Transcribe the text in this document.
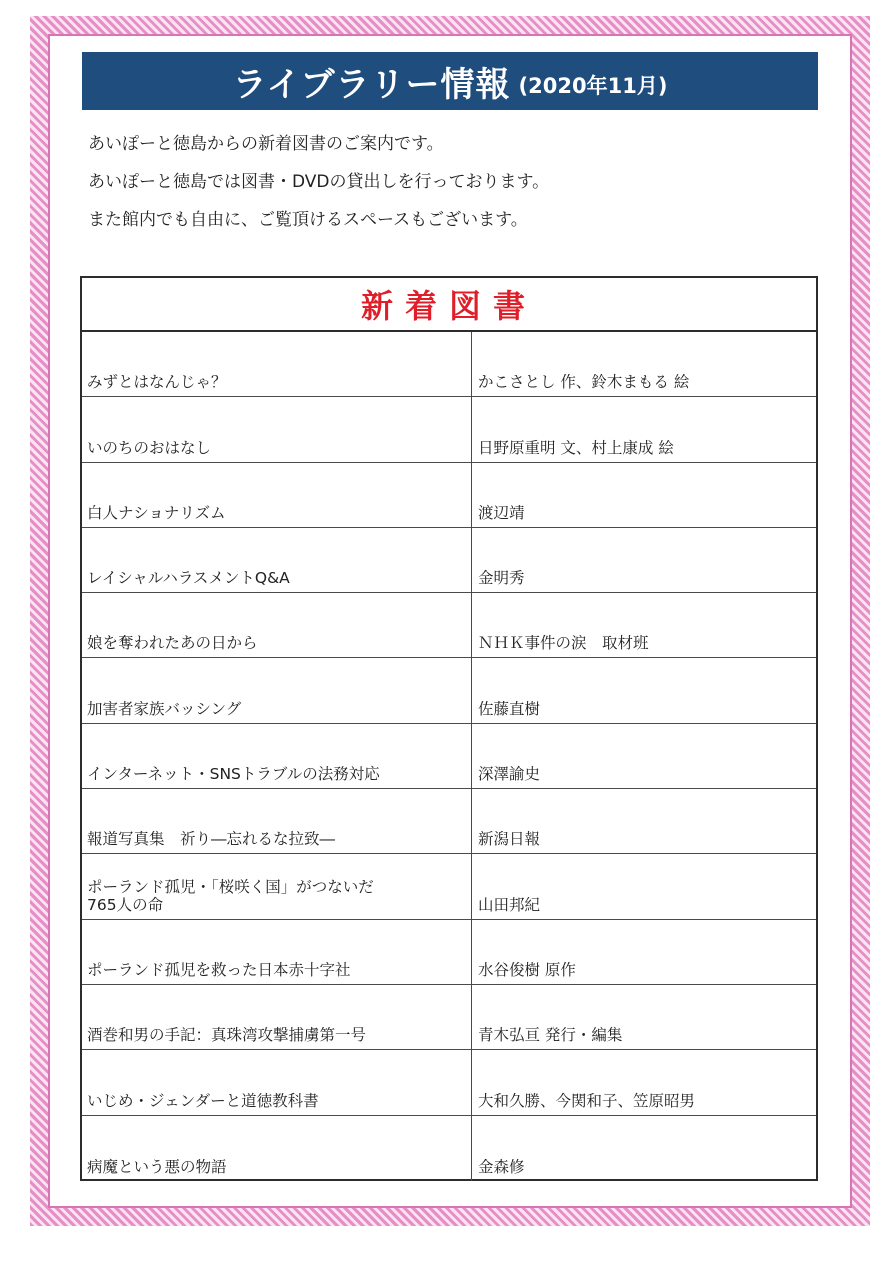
ライブラリー情報 (2020年11月)
あいぽーと徳島からの新着図書のご案内です。
あいぽーと徳島では図書・DVDの貸出しを行っております。
また館内でも自由に、ご覧頂けるスペースもございます。
新着図書
みずとはなんじゃ？	かこさとし 作、鈴木まもる 絵
いのちのおはなし	日野原重明 文、村上康成 絵
白人ナショナリズム	渡辺靖
レイシャルハラスメントQ&A	金明秀
娘を奪われたあの日から	ＮＨＫ事件の涙　取材班
加害者家族バッシング	佐藤直樹
インターネット・SNSトラブルの法務対応	深澤諭史
報道写真集　祈り―忘れるな拉致―	新潟日報
ポーランド孤児・「桜咲く国」がつないだ
765人の命	山田邦紀
ポーランド孤児を救った日本赤十字社	水谷俊樹 原作
酒巻和男の手記：真珠湾攻撃捕虜第一号	青木弘亘 発行・編集
いじめ・ジェンダーと道徳教科書	大和久勝、今関和子、笠原昭男
病魔という悪の物語	金森修
